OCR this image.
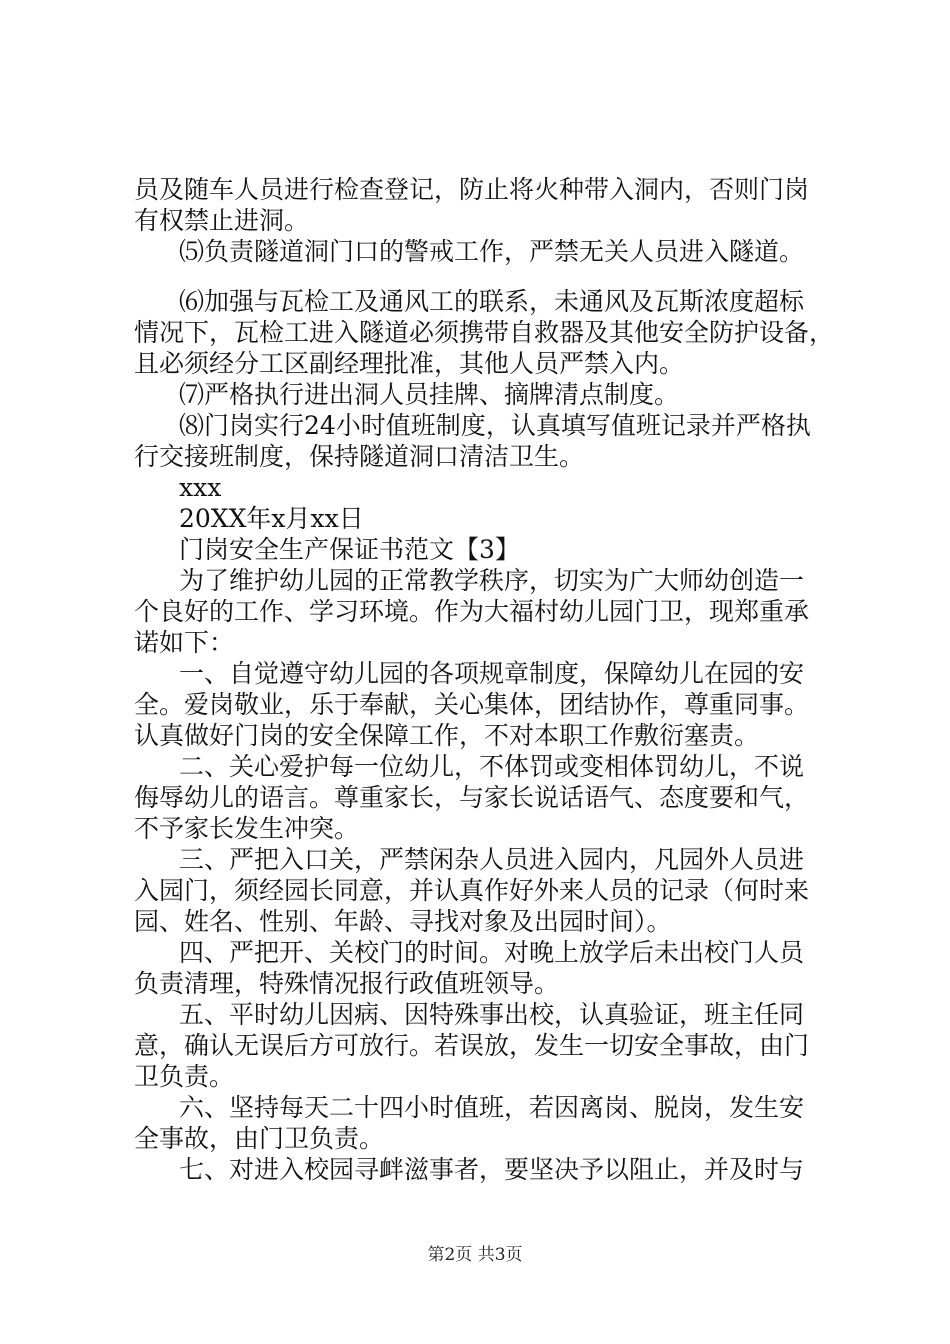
员及随车人员进行检查登记，防止将火种带入洞内，否则门岗
有权禁止进洞。
⑸负责隧道洞门口的警戒工作，严禁无关人员进入隧道。
⑹加强与瓦检工及通风工的联系，未通风及瓦斯浓度超标
情况下，瓦检工进入隧道必须携带自救器及其他安全防护设备，
且必须经分工区副经理批准，其他人员严禁入内。
⑺严格执行进出洞人员挂牌、摘牌清点制度。
⑻门岗实行24小时值班制度，认真填写值班记录并严格执
行交接班制度，保持隧道洞口清洁卫生。
xxx
20XX年x月xx日
门岗安全生产保证书范文【3】
为了维护幼儿园的正常教学秩序，切实为广大师幼创造一
个良好的工作、学习环境。作为大福村幼儿园门卫，现郑重承
诺如下：
一、自觉遵守幼儿园的各项规章制度，保障幼儿在园的安
全。爱岗敬业，乐于奉献，关心集体，团结协作，尊重同事。
认真做好门岗的安全保障工作，不对本职工作敷衍塞责。
二、关心爱护每一位幼儿，不体罚或变相体罚幼儿，不说
侮辱幼儿的语言。尊重家长，与家长说话语气、态度要和气，
不予家长发生冲突。
三、严把入口关，严禁闲杂人员进入园内，凡园外人员进
入园门，须经园长同意，并认真作好外来人员的记录（何时来
园、姓名、性别、年龄、寻找对象及出园时间）。
四、严把开、关校门的时间。对晚上放学后未出校门人员
负责清理，特殊情况报行政值班领导。
五、平时幼儿因病、因特殊事出校，认真验证，班主任同
意，确认无误后方可放行。若误放，发生一切安全事故，由门
卫负责。
六、坚持每天二十四小时值班，若因离岗、脱岗，发生安
全事故，由门卫负责。
七、对进入校园寻衅滋事者，要坚决予以阻止，并及时与
第2页 共3页
